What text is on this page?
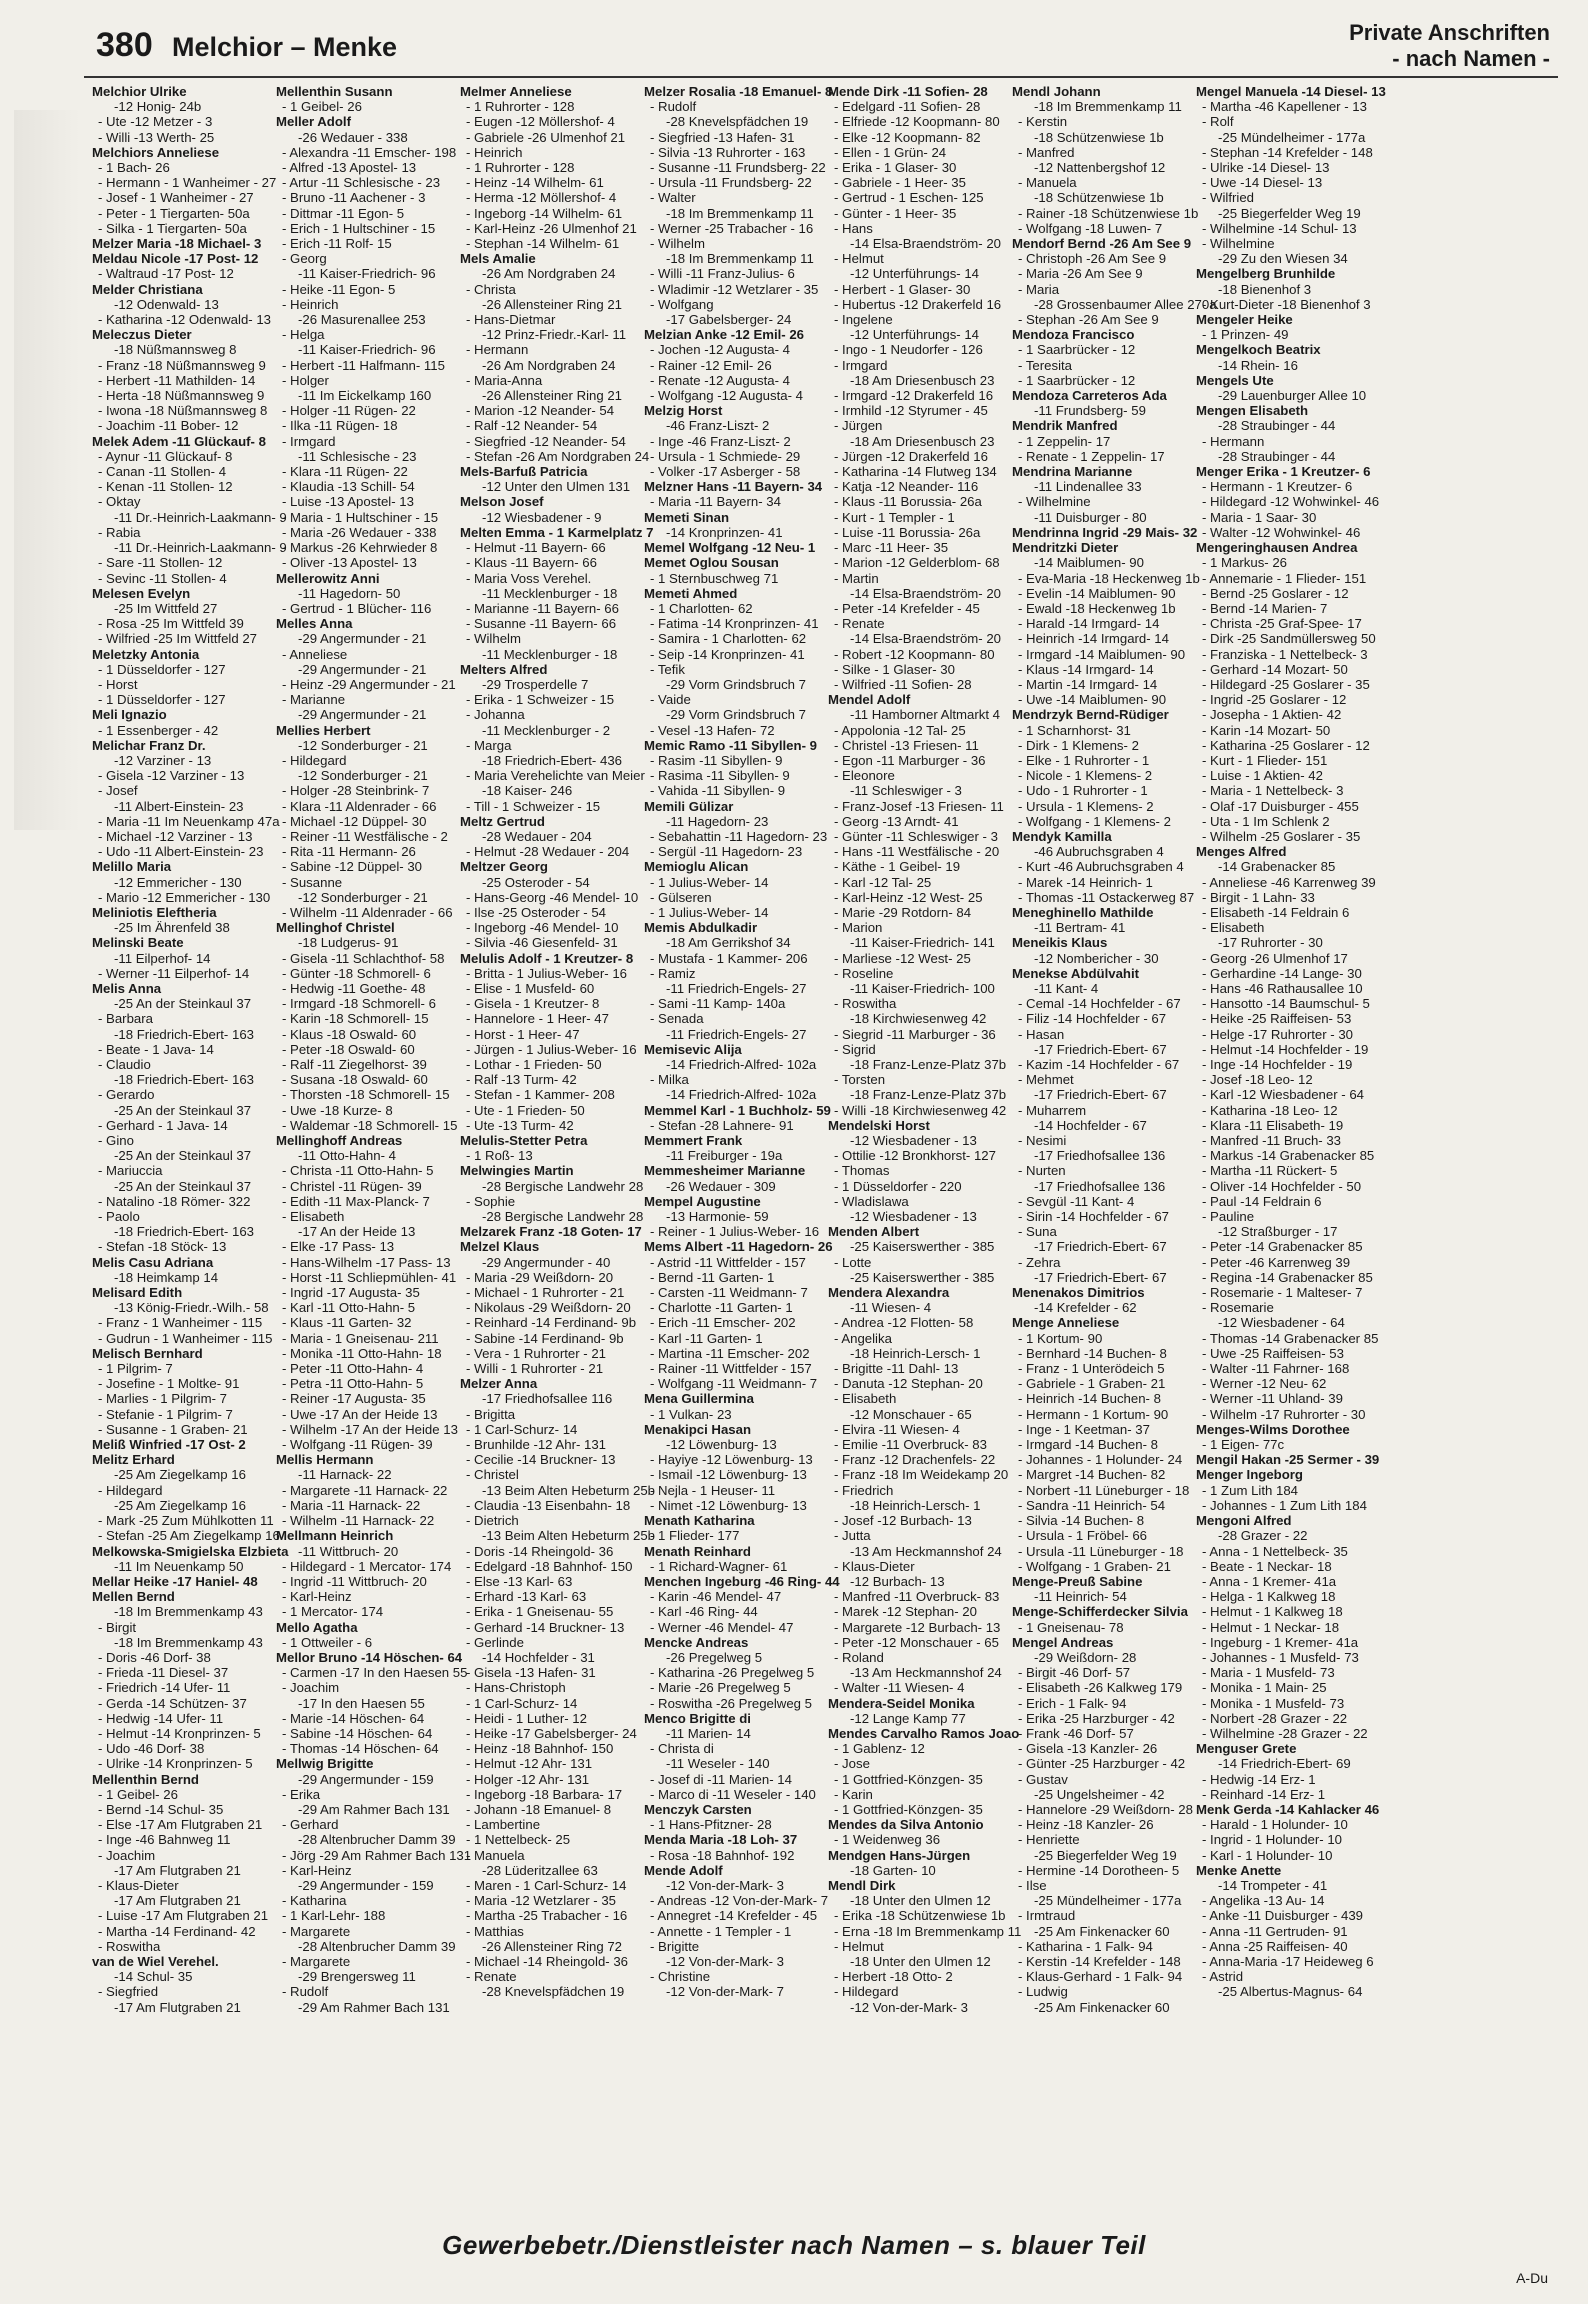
380 Melchior – Menke	Private Anschriften
- nach Namen -
Melchior Ulrike
-12 Honig- 24b
- Ute -12 Metzer - 3
- Willi -13 Werth- 25
Melchiors Anneliese
- 1 Bach- 26
- Hermann - 1 Wanheimer - 27
- Josef - 1 Wanheimer - 27
- Peter - 1 Tiergarten- 50a
- Silka - 1 Tiergarten- 50a
Melzer Maria -18 Michael- 3
Meldau Nicole -17 Post- 12
- Waltraud -17 Post- 12
Melder Christiana
-12 Odenwald- 13
- Katharina -12 Odenwald- 13
Meleczus Dieter
-18 Nüßmannsweg 8
- Franz -18 Nüßmannsweg 9
- Herbert -11 Mathilden- 14
- Herta -18 Nüßmannsweg 9
- Iwona -18 Nüßmannsweg 8
- Joachim -11 Bober- 12
Melek Adem -11 Glückauf- 8
- Aynur -11 Glückauf- 8
- Canan -11 Stollen- 4
- Kenan -11 Stollen- 12
- Oktay
-11 Dr.-Heinrich-Laakmann- 9
- Rabia
-11 Dr.-Heinrich-Laakmann- 9
- Sare -11 Stollen- 12
- Sevinc -11 Stollen- 4
Melesen Evelyn
-25 Im Wittfeld 27
- Rosa -25 Im Wittfeld 39
- Wilfried -25 Im Wittfeld 27
Meletzky Antonia
- 1 Düsseldorfer - 127
- Horst
- 1 Düsseldorfer - 127
Meli Ignazio
- 1 Essenberger - 42
Melichar Franz Dr.
-12 Varziner - 13
- Gisela -12 Varziner - 13
- Josef
-11 Albert-Einstein- 23
- Maria -11 Im Neuenkamp 47a
- Michael -12 Varziner - 13
- Udo -11 Albert-Einstein- 23
Melillo Maria
-12 Emmericher - 130
- Mario -12 Emmericher - 130
Meliniotis Eleftheria
-25 Im Ährenfeld 38
Melinski Beate
-11 Eilperhof- 14
- Werner -11 Eilperhof- 14
Melis Anna
-25 An der Steinkaul 37
- Barbara
-18 Friedrich-Ebert- 163
- Beate - 1 Java- 14
- Claudio
-18 Friedrich-Ebert- 163
- Gerardo
-25 An der Steinkaul 37
- Gerhard - 1 Java- 14
- Gino
-25 An der Steinkaul 37
- Mariuccia
-25 An der Steinkaul 37
- Natalino -18 Römer- 322
- Paolo
-18 Friedrich-Ebert- 163
- Stefan -18 Stöck- 13
Melis Casu Adriana
-18 Heimkamp 14
Melisard Edith
-13 König-Friedr.-Wilh.- 58
- Franz - 1 Wanheimer - 115
- Gudrun - 1 Wanheimer - 115
Melisch Bernhard
- 1 Pilgrim- 7
- Josefine - 1 Moltke- 91
- Marlies - 1 Pilgrim- 7
- Stefanie - 1 Pilgrim- 7
- Susanne - 1 Graben- 21
Meliß Winfried -17 Ost- 2
Melitz Erhard
-25 Am Ziegelkamp 16
- Hildegard
-25 Am Ziegelkamp 16
- Mark -25 Zum Mühlkotten 11
- Stefan -25 Am Ziegelkamp 16
Melkowska-Smigielska Elzbieta
-11 Im Neuenkamp 50
Mellar Heike -17 Haniel- 48
Mellen Bernd
-18 Im Bremmenkamp 43
- Birgit
-18 Im Bremmenkamp 43
- Doris -46 Dorf- 38
- Frieda -11 Diesel- 37
- Friedrich -14 Ufer- 11
- Gerda -14 Schützen- 37
- Hedwig -14 Ufer- 11
- Helmut -14 Kronprinzen- 5
- Udo -46 Dorf- 38
- Ulrike -14 Kronprinzen- 5
Mellenthin Bernd
- 1 Geibel- 26
- Bernd -14 Schul- 35
- Else -17 Am Flutgraben 21
- Inge -46 Bahnweg 11
- Joachim
-17 Am Flutgraben 21
- Klaus-Dieter
-17 Am Flutgraben 21
- Luise -17 Am Flutgraben 21
- Martha -14 Ferdinand- 42
- Roswitha
van de Wiel Verehel.
-14 Schul- 35
- Siegfried
-17 Am Flutgraben 21
Mellenthin Susann
- 1 Geibel- 26
Meller Adolf
-26 Wedauer - 338
- Alexandra -11 Emscher- 198
- Alfred -13 Apostel- 13
- Artur -11 Schlesische - 23
- Bruno -11 Aachener - 3
- Dittmar -11 Egon- 5
- Erich - 1 Hultschiner - 15
- Erich -11 Rolf- 15
- Georg
-11 Kaiser-Friedrich- 96
- Heike -11 Egon- 5
- Heinrich
-26 Masurenallee 253
- Helga
-11 Kaiser-Friedrich- 96
- Herbert -11 Halfmann- 115
- Holger
-11 Im Eickelkamp 160
- Holger -11 Rügen- 22
- Ilka -11 Rügen- 18
- Irmgard
-11 Schlesische - 23
- Klara -11 Rügen- 22
- Klaudia -13 Schill- 54
- Luise -13 Apostel- 13
- Maria - 1 Hultschiner - 15
- Maria -26 Wedauer - 338
- Markus -26 Kehrwieder 8
- Oliver -13 Apostel- 13
Mellerowitz Anni
-11 Hagedorn- 50
- Gertrud - 1 Blücher- 116
Melles Anna
-29 Angermunder - 21
- Anneliese
-29 Angermunder - 21
- Heinz -29 Angermunder - 21
- Marianne
-29 Angermunder - 21
Mellies Herbert
-12 Sonderburger - 21
- Hildegard
-12 Sonderburger - 21
- Holger -28 Steinbrink- 7
- Klara -11 Aldenrader - 66
- Michael -12 Düppel- 30
- Reiner -11 Westfälische - 2
- Rita -11 Hermann- 26
- Sabine -12 Düppel- 30
- Susanne
-12 Sonderburger - 21
- Wilhelm -11 Aldenrader - 66
Mellinghof Christel
-18 Ludgerus- 91
- Gisela -11 Schlachthof- 58
- Günter -18 Schmorell- 6
- Hedwig -11 Goethe- 48
- Irmgard -18 Schmorell- 6
- Karin -18 Schmorell- 15
- Klaus -18 Oswald- 60
- Peter -18 Oswald- 60
- Ralf -11 Ziegelhorst- 39
- Susana -18 Oswald- 60
- Thorsten -18 Schmorell- 15
- Uwe -18 Kurze- 8
- Waldemar -18 Schmorell- 15
Mellinghoff Andreas
-11 Otto-Hahn- 4
- Christa -11 Otto-Hahn- 5
- Christel -11 Rügen- 39
- Edith -11 Max-Planck- 7
- Elisabeth
-17 An der Heide 13
- Elke -17 Pass- 13
- Hans-Wilhelm -17 Pass- 13
- Horst -11 Schliepmühlen- 41
- Ingrid -17 Augusta- 35
- Karl -11 Otto-Hahn- 5
- Klaus -11 Garten- 32
- Maria - 1 Gneisenau- 211
- Monika -11 Otto-Hahn- 18
- Peter -11 Otto-Hahn- 4
- Petra -11 Otto-Hahn- 5
- Reiner -17 Augusta- 35
- Uwe -17 An der Heide 13
- Wilhelm -17 An der Heide 13
- Wolfgang -11 Rügen- 39
Mellis Hermann
-11 Harnack- 22
- Margarete -11 Harnack- 22
- Maria -11 Harnack- 22
- Wilhelm -11 Harnack- 22
Mellmann Heinrich
-11 Wittbruch- 20
- Hildegard - 1 Mercator- 174
- Ingrid -11 Wittbruch- 20
- Karl-Heinz
- 1 Mercator- 174
Mello Agatha
- 1 Ottweiler - 6
Mellor Bruno -14 Höschen- 64
- Carmen -17 In den Haesen 55
- Joachim
-17 In den Haesen 55
- Marie -14 Höschen- 64
- Sabine -14 Höschen- 64
- Thomas -14 Höschen- 64
Mellwig Brigitte
-29 Angermunder - 159
- Erika
-29 Am Rahmer Bach 131
- Gerhard
-28 Altenbrucher Damm 39
- Jörg -29 Am Rahmer Bach 131
- Karl-Heinz
-29 Angermunder - 159
- Katharina
- 1 Karl-Lehr- 188
- Margarete
-28 Altenbrucher Damm 39
- Margarete
-29 Brengersweg 11
- Rudolf
-29 Am Rahmer Bach 131
Melmer Anneliese
- 1 Ruhrorter - 128
- Eugen -12 Möllershof- 4
- Gabriele -26 Ulmenhof 21
- Heinrich
- 1 Ruhrorter - 128
- Heinz -14 Wilhelm- 61
- Herma -12 Möllershof- 4
- Ingeborg -14 Wilhelm- 61
- Karl-Heinz -26 Ulmenhof 21
- Stephan -14 Wilhelm- 61
Mels Amalie
-26 Am Nordgraben 24
- Christa
-26 Allensteiner Ring 21
- Hans-Dietmar
-12 Prinz-Friedr.-Karl- 11
- Hermann
-26 Am Nordgraben 24
- Maria-Anna
-26 Allensteiner Ring 21
- Marion -12 Neander- 54
- Ralf -12 Neander- 54
- Siegfried -12 Neander- 54
- Stefan -26 Am Nordgraben 24
Mels-Barfuß Patricia
-12 Unter den Ulmen 131
Melson Josef
-12 Wiesbadener - 9
Melten Emma - 1 Karmelplatz 7
- Helmut -11 Bayern- 66
- Klaus -11 Bayern- 66
- Maria Voss Verehel.
-11 Mecklenburger - 18
- Marianne -11 Bayern- 66
- Susanne -11 Bayern- 66
- Wilhelm
-11 Mecklenburger - 18
Melters Alfred
-29 Trosperdelle 7
- Erika - 1 Schweizer - 15
- Johanna
-11 Mecklenburger - 2
- Marga
-18 Friedrich-Ebert- 436
- Maria Verehelichte van Meier
-18 Kaiser- 246
- Till - 1 Schweizer - 15
Meltz Gertrud
-28 Wedauer - 204
- Helmut -28 Wedauer - 204
Meltzer Georg
-25 Osteroder - 54
- Hans-Georg -46 Mendel- 10
- Ilse -25 Osteroder - 54
- Ingeborg -46 Mendel- 10
- Silvia -46 Giesenfeld- 31
Melulis Adolf - 1 Kreutzer- 8
- Britta - 1 Julius-Weber- 16
- Elise - 1 Musfeld- 60
- Gisela - 1 Kreutzer- 8
- Hannelore - 1 Heer- 47
- Horst - 1 Heer- 47
- Jürgen - 1 Julius-Weber- 16
- Lothar - 1 Frieden- 50
- Ralf -13 Turm- 42
- Stefan - 1 Kammer- 208
- Ute - 1 Frieden- 50
- Ute -13 Turm- 42
Melulis-Stetter Petra
- 1 Roß- 13
Melwingies Martin
-28 Bergische Landwehr 28
- Sophie
-28 Bergische Landwehr 28
Melzarek Franz -18 Goten- 17
Melzel Klaus
-29 Angermunder - 40
- Maria -29 Weißdorn- 20
- Michael - 1 Ruhrorter - 21
- Nikolaus -29 Weißdorn- 20
- Reinhard -14 Ferdinand- 9b
- Sabine -14 Ferdinand- 9b
- Vera - 1 Ruhrorter - 21
- Willi - 1 Ruhrorter - 21
Melzer Anna
-17 Friedhofsallee 116
- Brigitta
- 1 Carl-Schurz- 14
- Brunhilde -12 Ahr- 131
- Cecilie -14 Bruckner- 13
- Christel
-13 Beim Alten Hebeturm 25b
- Claudia -13 Eisenbahn- 18
- Dietrich
-13 Beim Alten Hebeturm 25b
- Doris -14 Rheingold- 36
- Edelgard -18 Bahnhof- 150
- Else -13 Karl- 63
- Erhard -13 Karl- 63
- Erika - 1 Gneisenau- 55
- Gerhard -14 Bruckner- 13
- Gerlinde
-14 Hochfelder - 31
- Gisela -13 Hafen- 31
- Hans-Christoph
- 1 Carl-Schurz- 14
- Heidi - 1 Luther- 12
- Heike -17 Gabelsberger- 24
- Heinz -18 Bahnhof- 150
- Helmut -12 Ahr- 131
- Holger -12 Ahr- 131
- Ingeborg -18 Barbara- 17
- Johann -18 Emanuel- 8
- Lambertine
- 1 Nettelbeck- 25
- Manuela
-28 Lüderitzallee 63
- Maren - 1 Carl-Schurz- 14
- Maria -12 Wetzlarer - 35
- Martha -25 Trabacher - 16
- Matthias
-26 Allensteiner Ring 72
- Michael -14 Rheingold- 36
- Renate
-28 Knevelspfädchen 19
Melzer Rosalia -18 Emanuel- 8
- Rudolf
-28 Knevelspfädchen 19
- Siegfried -13 Hafen- 31
- Silvia -13 Ruhrorter - 163
- Susanne -11 Frundsberg- 22
- Ursula -11 Frundsberg- 22
- Walter
-18 Im Bremmenkamp 11
- Werner -25 Trabacher - 16
- Wilhelm
-18 Im Bremmenkamp 11
- Willi -11 Franz-Julius- 6
- Wladimir -12 Wetzlarer - 35
- Wolfgang
-17 Gabelsberger- 24
Melzian Anke -12 Emil- 26
- Jochen -12 Augusta- 4
- Rainer -12 Emil- 26
- Renate -12 Augusta- 4
- Wolfgang -12 Augusta- 4
Melzig Horst
-46 Franz-Liszt- 2
- Inge -46 Franz-Liszt- 2
- Ursula - 1 Schmiede- 29
- Volker -17 Asberger - 58
Melzner Hans -11 Bayern- 34
- Maria -11 Bayern- 34
Memeti Sinan
-14 Kronprinzen- 41
Memel Wolfgang -12 Neu- 1
Memet Oglou Sousan
- 1 Sternbuschweg 71
Memeti Ahmed
- 1 Charlotten- 62
- Fatima -14 Kronprinzen- 41
- Samira - 1 Charlotten- 62
- Seip -14 Kronprinzen- 41
- Tefik
-29 Vorm Grindsbruch 7
- Vaide
-29 Vorm Grindsbruch 7
- Vesel -13 Hafen- 72
Memic Ramo -11 Sibyllen- 9
- Rasim -11 Sibyllen- 9
- Rasima -11 Sibyllen- 9
- Vahida -11 Sibyllen- 9
Memili Gülizar
-11 Hagedorn- 23
- Sebahattin -11 Hagedorn- 23
- Sergül -11 Hagedorn- 23
Memioglu Alican
- 1 Julius-Weber- 14
- Gülseren
- 1 Julius-Weber- 14
Memis Abdulkadir
-18 Am Gerrikshof 34
- Mustafa - 1 Kammer- 206
- Ramiz
-11 Friedrich-Engels- 27
- Sami -11 Kamp- 140a
- Senada
-11 Friedrich-Engels- 27
Memisevic Alija
-14 Friedrich-Alfred- 102a
- Milka
-14 Friedrich-Alfred- 102a
Memmel Karl - 1 Buchholz- 59
- Stefan -28 Lahnere- 91
Memmert Frank
-11 Freiburger - 19a
Memmesheimer Marianne
-26 Wedauer - 309
Mempel Augustine
-13 Harmonie- 59
- Reiner - 1 Julius-Weber- 16
Mems Albert -11 Hagedorn- 26
- Astrid -11 Wittfelder - 157
- Bernd -11 Garten- 1
- Carsten -11 Weidmann- 7
- Charlotte -11 Garten- 1
- Erich -11 Emscher- 202
- Karl -11 Garten- 1
- Martina -11 Emscher- 202
- Rainer -11 Wittfelder - 157
- Wolfgang -11 Weidmann- 7
Mena Guillermina
- 1 Vulkan- 23
Menakipci Hasan
-12 Löwenburg- 13
- Hayiye -12 Löwenburg- 13
- Ismail -12 Löwenburg- 13
- Nejla - 1 Heuser- 11
- Nimet -12 Löwenburg- 13
Menath Katharina
- 1 Flieder- 177
Menath Reinhard
- 1 Richard-Wagner- 61
Menchen Ingeburg -46 Ring- 44
- Karin -46 Mendel- 47
- Karl -46 Ring- 44
- Werner -46 Mendel- 47
Mencke Andreas
-26 Pregelweg 5
- Katharina -26 Pregelweg 5
- Marie -26 Pregelweg 5
- Roswitha -26 Pregelweg 5
Menco Brigitte di
-11 Marien- 14
- Christa di
-11 Weseler - 140
- Josef di -11 Marien- 14
- Marco di -11 Weseler - 140
Menczyk Carsten
- 1 Hans-Pfitzner- 28
Menda Maria -18 Loh- 37
- Rosa -18 Bahnhof- 192
Mende Adolf
-12 Von-der-Mark- 3
- Andreas -12 Von-der-Mark- 7
- Annegret -14 Krefelder - 45
- Annette - 1 Templer - 1
- Brigitte
-12 Von-der-Mark- 3
- Christine
-12 Von-der-Mark- 7
Mende Dirk -11 Sofien- 28
- Edelgard -11 Sofien- 28
- Elfriede -12 Koopmann- 80
- Elke -12 Koopmann- 82
- Ellen - 1 Grün- 24
- Erika - 1 Glaser- 30
- Gabriele - 1 Heer- 35
- Gertrud - 1 Eschen- 125
- Günter - 1 Heer- 35
- Hans
-14 Elsa-Braendström- 20
- Helmut
-12 Unterführungs- 14
- Herbert - 1 Glaser- 30
- Hubertus -12 Drakerfeld 16
- Ingelene
-12 Unterführungs- 14
- Ingo - 1 Neudorfer - 126
- Irmgard
-18 Am Driesenbusch 23
- Irmgard -12 Drakerfeld 16
- Irmhild -12 Styrumer - 45
- Jürgen
-18 Am Driesenbusch 23
- Jürgen -12 Drakerfeld 16
- Katharina -14 Flutweg 134
- Katja -12 Neander- 116
- Klaus -11 Borussia- 26a
- Kurt - 1 Templer - 1
- Luise -11 Borussia- 26a
- Marc -11 Heer- 35
- Marion -12 Gelderblom- 68
- Martin
-14 Elsa-Braendström- 20
- Peter -14 Krefelder - 45
- Renate
-14 Elsa-Braendström- 20
- Robert -12 Koopmann- 80
- Silke - 1 Glaser- 30
- Wilfried -11 Sofien- 28
Mendel Adolf
-11 Hamborner Altmarkt 4
- Appolonia -12 Tal- 25
- Christel -13 Friesen- 11
- Egon -11 Marburger - 36
- Eleonore
-11 Schleswiger - 3
- Franz-Josef -13 Friesen- 11
- Georg -13 Arndt- 41
- Günter -11 Schleswiger - 3
- Hans -11 Westfälische - 20
- Käthe - 1 Geibel- 19
- Karl -12 Tal- 25
- Karl-Heinz -12 West- 25
- Marie -29 Rotdorn- 84
- Marion
-11 Kaiser-Friedrich- 141
- Marliese -12 West- 25
- Roseline
-11 Kaiser-Friedrich- 100
- Roswitha
-18 Kirchwiesenweg 42
- Siegrid -11 Marburger - 36
- Sigrid
-18 Franz-Lenze-Platz 37b
- Torsten
-18 Franz-Lenze-Platz 37b
- Willi -18 Kirchwiesenweg 42
Mendelski Horst
-12 Wiesbadener - 13
- Ottilie -12 Bronkhorst- 127
- Thomas
- 1 Düsseldorfer - 220
- Wladislawa
-12 Wiesbadener - 13
Menden Albert
-25 Kaiserswerther - 385
- Lotte
-25 Kaiserswerther - 385
Mendera Alexandra
-11 Wiesen- 4
- Andrea -12 Flotten- 58
- Angelika
-18 Heinrich-Lersch- 1
- Brigitte -11 Dahl- 13
- Danuta -12 Stephan- 20
- Elisabeth
-12 Monschauer - 65
- Elvira -11 Wiesen- 4
- Emilie -11 Overbruck- 83
- Franz -12 Drachenfels- 22
- Franz -18 Im Weidekamp 20
- Friedrich
-18 Heinrich-Lersch- 1
- Josef -12 Burbach- 13
- Jutta
-13 Am Heckmannshof 24
- Klaus-Dieter
-12 Burbach- 13
- Manfred -11 Overbruck- 83
- Marek -12 Stephan- 20
- Margarete -12 Burbach- 13
- Peter -12 Monschauer - 65
- Roland
-13 Am Heckmannshof 24
- Walter -11 Wiesen- 4
Mendera-Seidel Monika
-12 Lange Kamp 77
Mendes Carvalho Ramos Joao
- 1 Gablenz- 12
- Jose
- 1 Gottfried-Könzgen- 35
- Karin
- 1 Gottfried-Könzgen- 35
Mendes da Silva Antonio
- 1 Weidenweg 36
Mendgen Hans-Jürgen
-18 Garten- 10
Mendl Dirk
-18 Unter den Ulmen 12
- Erika -18 Schützenwiese 1b
- Erna -18 Im Bremmenkamp 11
- Helmut
-18 Unter den Ulmen 12
- Herbert -18 Otto- 2
- Hildegard
-12 Von-der-Mark- 3
Mendl Johann
-18 Im Bremmenkamp 11
- Kerstin
-18 Schützenwiese 1b
- Manfred
-12 Nattenbergshof 12
- Manuela
-18 Schützenwiese 1b
- Rainer -18 Schützenwiese 1b
- Wolfgang -18 Luwen- 7
Mendorf Bernd -26 Am See 9
- Christoph -26 Am See 9
- Maria -26 Am See 9
- Maria
-28 Grossenbaumer Allee 270a
- Stephan -26 Am See 9
Mendoza Francisco
- 1 Saarbrücker - 12
- Teresita
- 1 Saarbrücker - 12
Mendoza Carreteros Ada
-11 Frundsberg- 59
Mendrik Manfred
- 1 Zeppelin- 17
- Renate - 1 Zeppelin- 17
Mendrina Marianne
-11 Lindenallee 33
- Wilhelmine
-11 Duisburger - 80
Mendrinna Ingrid -29 Mais- 32
Mendritzki Dieter
-14 Maiblumen- 90
- Eva-Maria -18 Heckenweg 1b
- Evelin -14 Maiblumen- 90
- Ewald -18 Heckenweg 1b
- Harald -14 Irmgard- 14
- Heinrich -14 Irmgard- 14
- Irmgard -14 Maiblumen- 90
- Klaus -14 Irmgard- 14
- Martin -14 Irmgard- 14
- Uwe -14 Maiblumen- 90
Mendrzyk Bernd-Rüdiger
- 1 Scharnhorst- 31
- Dirk - 1 Klemens- 2
- Elke - 1 Ruhrorter - 1
- Nicole - 1 Klemens- 2
- Udo - 1 Ruhrorter - 1
- Ursula - 1 Klemens- 2
- Wolfgang - 1 Klemens- 2
Mendyk Kamilla
-46 Aubruchsgraben 4
- Kurt -46 Aubruchsgraben 4
- Marek -14 Heinrich- 1
- Thomas -11 Ostackerweg 87
Meneghinello Mathilde
-11 Bertram- 41
Meneikis Klaus
-12 Nombericher - 30
Menekse Abdülvahit
-11 Kant- 4
- Cemal -14 Hochfelder - 67
- Filiz -14 Hochfelder - 67
- Hasan
-17 Friedrich-Ebert- 67
- Kazim -14 Hochfelder - 67
- Mehmet
-17 Friedrich-Ebert- 67
- Muharrem
-14 Hochfelder - 67
- Nesimi
-17 Friedhofsallee 136
- Nurten
-17 Friedhofsallee 136
- Sevgül -11 Kant- 4
- Sirin -14 Hochfelder - 67
- Suna
-17 Friedrich-Ebert- 67
- Zehra
-17 Friedrich-Ebert- 67
Menenakos Dimitrios
-14 Krefelder - 62
Menge Anneliese
- 1 Kortum- 90
- Bernhard -14 Buchen- 8
- Franz - 1 Unterödeich 5
- Gabriele - 1 Graben- 21
- Heinrich -14 Buchen- 8
- Hermann - 1 Kortum- 90
- Inge - 1 Keetman- 37
- Irmgard -14 Buchen- 8
- Johannes - 1 Holunder- 24
- Margret -14 Buchen- 82
- Norbert -11 Lüneburger - 18
- Sandra -11 Heinrich- 54
- Silvia -14 Buchen- 8
- Ursula - 1 Fröbel- 66
- Ursula -11 Lüneburger - 18
- Wolfgang - 1 Graben- 21
Menge-Preuß Sabine
-11 Heinrich- 54
Menge-Schifferdecker Silvia
- 1 Gneisenau- 78
Mengel Andreas
-29 Weißdorn- 28
- Birgit -46 Dorf- 57
- Elisabeth -26 Kalkweg 179
- Erich - 1 Falk- 94
- Erika -25 Harzburger - 42
- Frank -46 Dorf- 57
- Gisela -13 Kanzler- 26
- Günter -25 Harzburger - 42
- Gustav
-25 Ungelsheimer - 42
- Hannelore -29 Weißdorn- 28
- Heinz -18 Kanzler- 26
- Henriette
-25 Biegerfelder Weg 19
- Hermine -14 Dorotheen- 5
- Ilse
-25 Mündelheimer - 177a
- Irmtraud
-25 Am Finkenacker 60
- Katharina - 1 Falk- 94
- Kerstin -14 Krefelder - 148
- Klaus-Gerhard - 1 Falk- 94
- Ludwig
-25 Am Finkenacker 60
Mengel Manuela -14 Diesel- 13
- Martha -46 Kapellener - 13
- Rolf
-25 Mündelheimer - 177a
- Stephan -14 Krefelder - 148
- Ulrike -14 Diesel- 13
- Uwe -14 Diesel- 13
- Wilfried
-25 Biegerfelder Weg 19
- Wilhelmine -14 Schul- 13
- Wilhelmine
-29 Zu den Wiesen 34
Mengelberg Brunhilde
-18 Bienenhof 3
- Kurt-Dieter -18 Bienenhof 3
Mengeler Heike
- 1 Prinzen- 49
Mengelkoch Beatrix
-14 Rhein- 16
Mengels Ute
-29 Lauenburger Allee 10
Mengen Elisabeth
-28 Straubinger - 44
- Hermann
-28 Straubinger - 44
Menger Erika - 1 Kreutzer- 6
- Hermann - 1 Kreutzer- 6
- Hildegard -12 Wohwinkel- 46
- Maria - 1 Saar- 30
- Walter -12 Wohwinkel- 46
Mengeringhausen Andrea
- 1 Markus- 26
- Annemarie - 1 Flieder- 151
- Bernd -25 Goslarer - 12
- Bernd -14 Marien- 7
- Christa -25 Graf-Spee- 17
- Dirk -25 Sandmüllersweg 50
- Franziska - 1 Nettelbeck- 3
- Gerhard -14 Mozart- 50
- Hildegard -25 Goslarer - 35
- Ingrid -25 Goslarer - 12
- Josepha - 1 Aktien- 42
- Karin -14 Mozart- 50
- Katharina -25 Goslarer - 12
- Kurt - 1 Flieder- 151
- Luise - 1 Aktien- 42
- Maria - 1 Nettelbeck- 3
- Olaf -17 Duisburger - 455
- Uta - 1 Im Schlenk 2
- Wilhelm -25 Goslarer - 35
Menges Alfred
-14 Grabenacker 85
- Anneliese -46 Karrenweg 39
- Birgit - 1 Lahn- 33
- Elisabeth -14 Feldrain 6
- Elisabeth
-17 Ruhrorter - 30
- Georg -26 Ulmenhof 17
- Gerhardine -14 Lange- 30
- Hans -46 Rathausallee 10
- Hansotto -14 Baumschul- 5
- Heike -25 Raiffeisen- 53
- Helge -17 Ruhrorter - 30
- Helmut -14 Hochfelder - 19
- Inge -14 Hochfelder - 19
- Josef -18 Leo- 12
- Karl -12 Wiesbadener - 64
- Katharina -18 Leo- 12
- Klara -11 Elisabeth- 19
- Manfred -11 Bruch- 33
- Markus -14 Grabenacker 85
- Martha -11 Rückert- 5
- Oliver -14 Hochfelder - 50
- Paul -14 Feldrain 6
- Pauline
-12 Straßburger - 17
- Peter -14 Grabenacker 85
- Peter -46 Karrenweg 39
- Regina -14 Grabenacker 85
- Rosemarie - 1 Malteser- 7
- Rosemarie
-12 Wiesbadener - 64
- Thomas -14 Grabenacker 85
- Uwe -25 Raiffeisen- 53
- Walter -11 Fahrner- 168
- Werner -12 Neu- 62
- Werner -11 Uhland- 39
- Wilhelm -17 Ruhrorter - 30
Menges-Wilms Dorothee
- 1 Eigen- 77c
Mengil Hakan -25 Sermer - 39
Menger Ingeborg
- 1 Zum Lith 184
- Johannes - 1 Zum Lith 184
Mengoni Alfred
-28 Grazer - 22
- Anna - 1 Nettelbeck- 35
- Beate - 1 Neckar- 18
- Anna - 1 Kremer- 41a
- Helga - 1 Kalkweg 18
- Helmut - 1 Kalkweg 18
- Helmut - 1 Neckar- 18
- Ingeburg - 1 Kremer- 41a
- Johannes - 1 Musfeld- 73
- Maria - 1 Musfeld- 73
- Monika - 1 Main- 25
- Monika - 1 Musfeld- 73
- Norbert -28 Grazer - 22
- Wilhelmine -28 Grazer - 22
Menguser Grete
-14 Friedrich-Ebert- 69
- Hedwig -14 Erz- 1
- Reinhard -14 Erz- 1
Menk Gerda -14 Kahlacker 46
- Harald - 1 Holunder- 10
- Ingrid - 1 Holunder- 10
- Karl - 1 Holunder- 10
Menke Anette
-14 Trompeter - 41
- Angelika -13 Au- 14
- Anke -11 Duisburger - 439
- Anna -11 Gertruden- 91
- Anna -25 Raiffeisen- 40
- Anna-Maria -17 Heideweg 6
- Astrid
-25 Albertus-Magnus- 64
Gewerbebetr./Dienstleister nach Namen – s. blauer Teil
A-Du
